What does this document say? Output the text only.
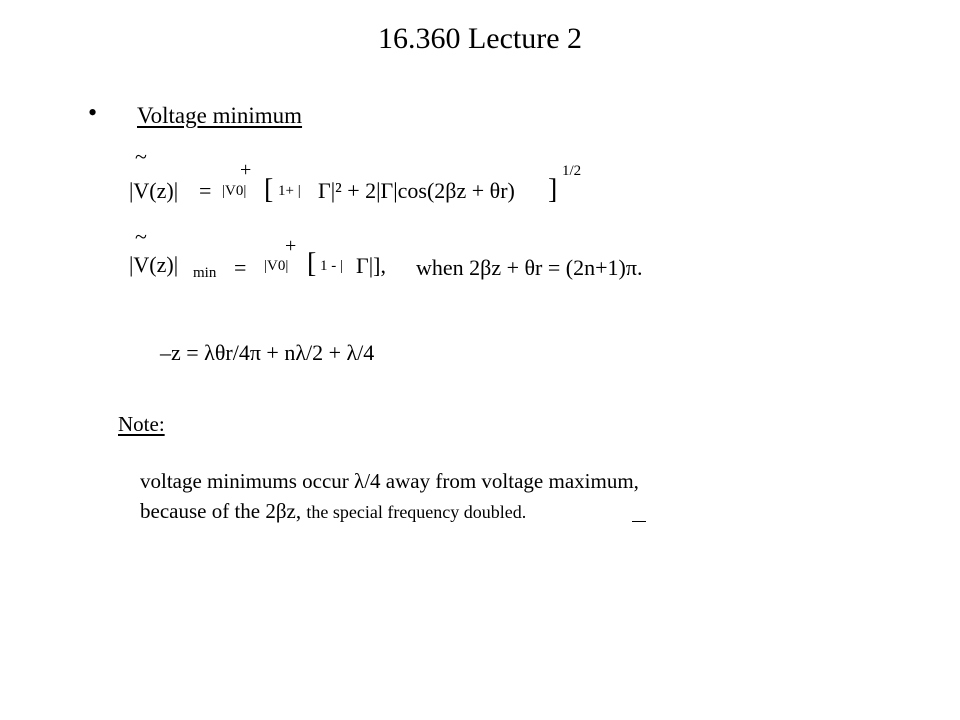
16.360 Lecture 2
• Voltage minimum
~
+
|V(z)| = |V0| [ 1+ | Γ|² + 2|Γ|cos(2βz + θr) ]
1/2
~	+
|V(z)| min = |V0| [ 1 - | Γ|], when 2βz + θr = (2n+1)π.
–z = λθr/4π + nλ/2 + λ/4
Note:
voltage minimums occur λ/4 away from voltage maximum,
because of the 2βz, the special frequency doubled.
